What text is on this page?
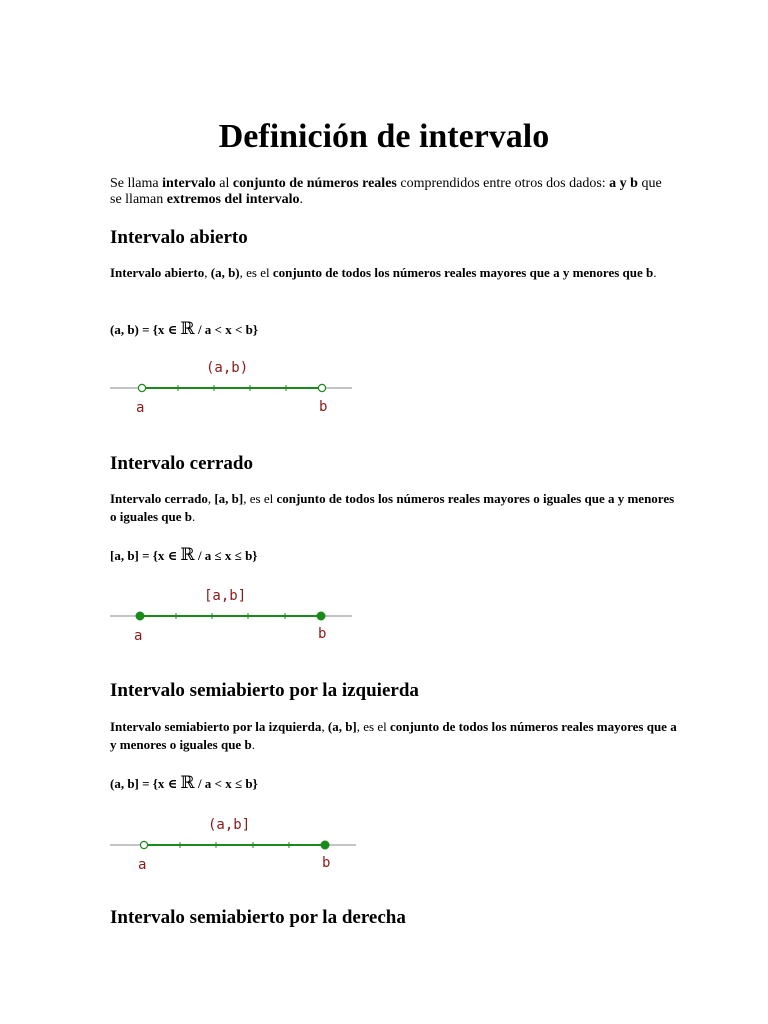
Definición de intervalo

Se llama intervalo al conjunto de números reales comprendidos entre otros dos dados: a y b que se llaman extremos del intervalo.

Intervalo abierto

Intervalo abierto, (a, b), es el conjunto de todos los números reales mayores que a y menores que b.

(a, b) = {x ∈ ℝ / a < x < b}

(a,b)
a	b
Intervalo cerrado

Intervalo cerrado, [a, b], es el conjunto de todos los números reales mayores o iguales que a y menores o iguales que b.

[a, b] = {x ∈ ℝ / a ≤ x ≤ b}

[a,b]
a	b
Intervalo semiabierto por la izquierda

Intervalo semiabierto por la izquierda, (a, b], es el conjunto de todos los números reales mayores que a y menores o iguales que b.

(a, b] = {x ∈ ℝ / a < x ≤ b}

(a,b]
a	b
Intervalo semiabierto por la derecha
